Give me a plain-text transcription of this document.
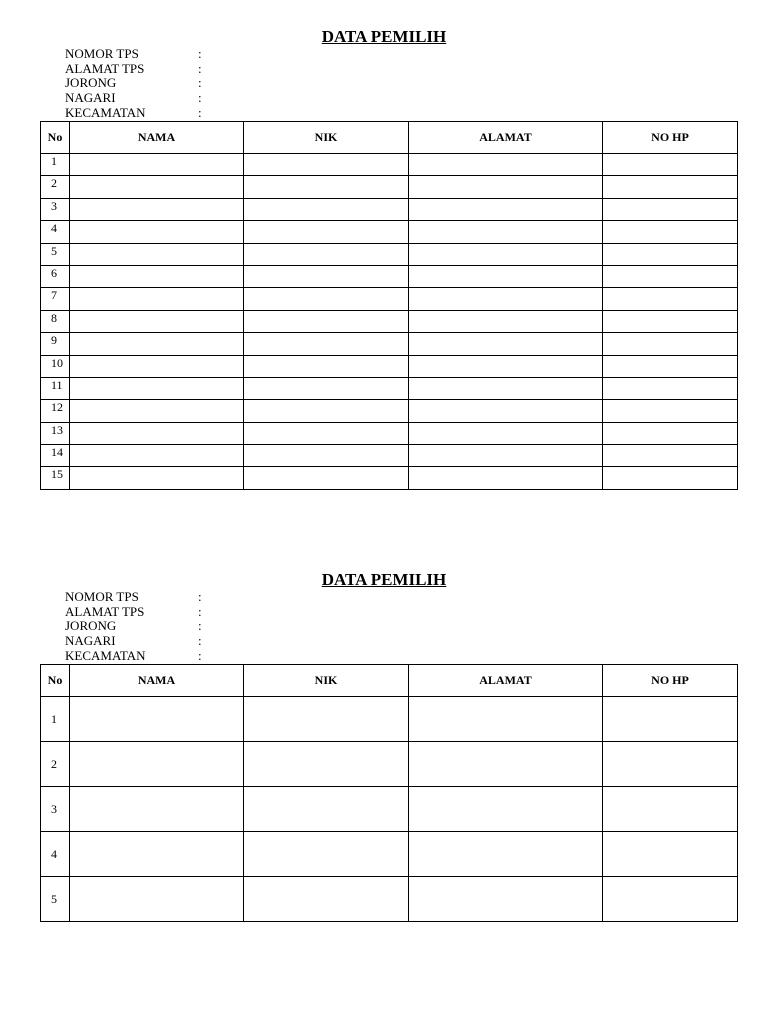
DATA PEMILIH
NOMOR TPS	:
ALAMAT TPS	:
JORONG	:
NAGARI	:
KECAMATAN	:
No	NAMA	NIK	ALAMAT	NO HP
1				
2				
3				
4				
5				
6				
7				
8				
9				
10				
11				
12				
13				
14				
15				
DATA PEMILIH
NOMOR TPS	:
ALAMAT TPS	:
JORONG	:
NAGARI	:
KECAMATAN	:
No	NAMA	NIK	ALAMAT	NO HP
1				
2				
3				
4				
5				
